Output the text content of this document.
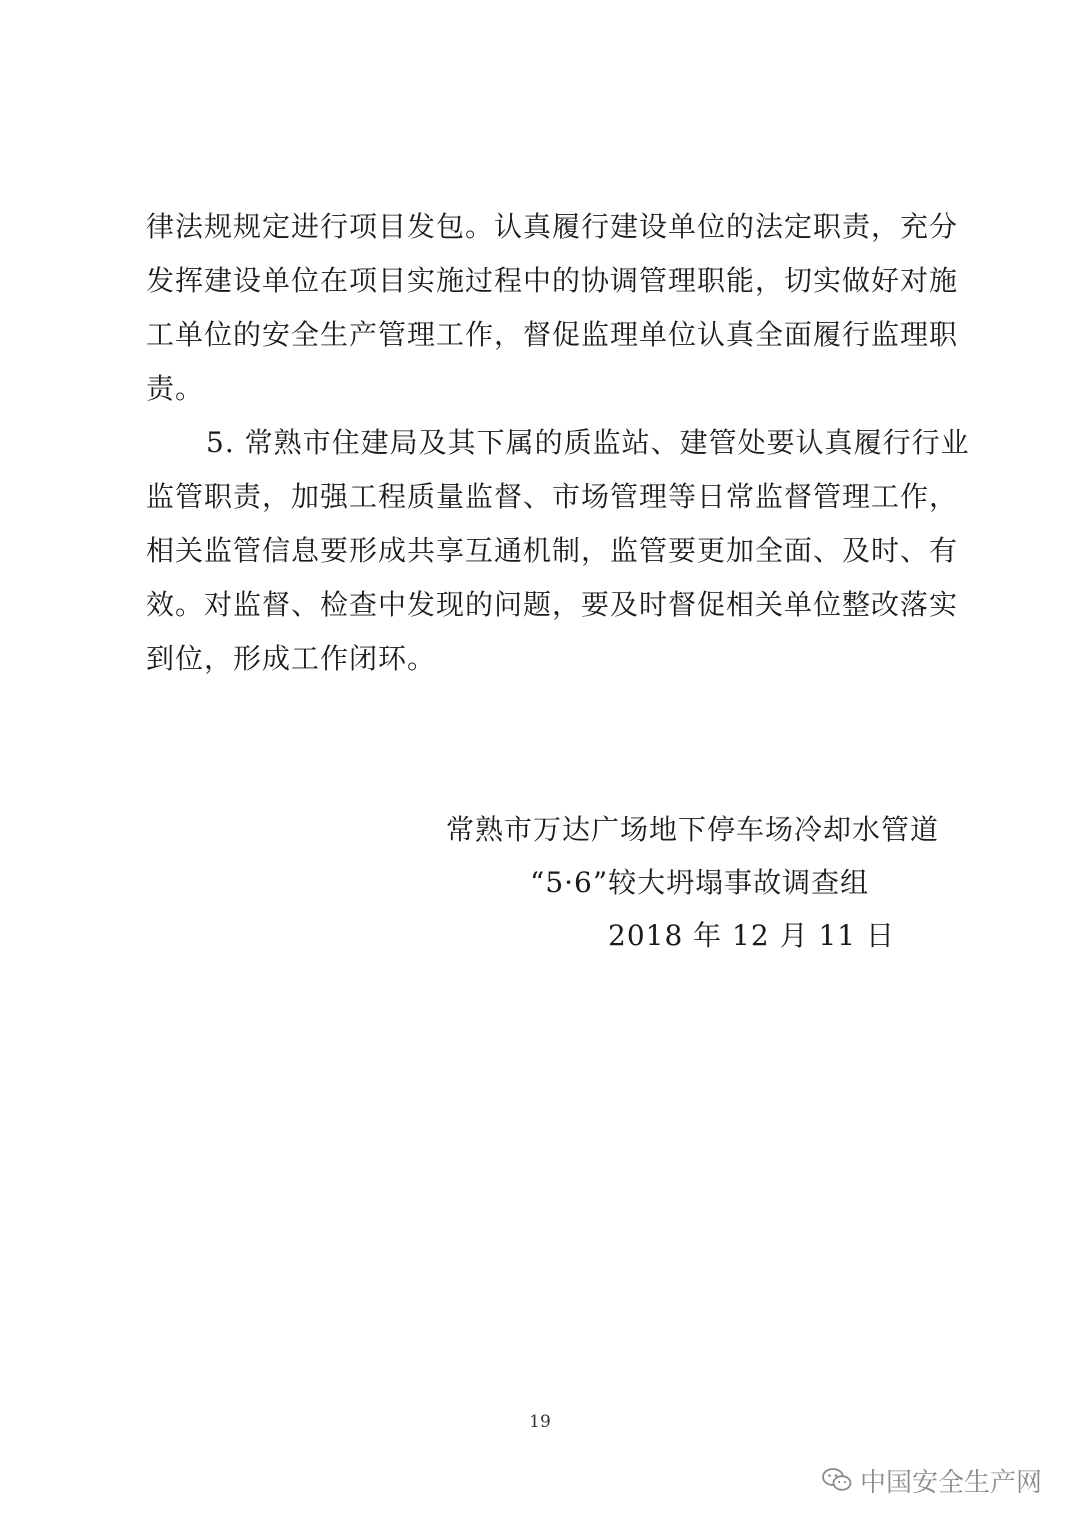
律法规规定进行项目发包。认真履行建设单位的法定职责，充分
发挥建设单位在项目实施过程中的协调管理职能，切实做好对施
工单位的安全生产管理工作，督促监理单位认真全面履行监理职
责。

5. 常熟市住建局及其下属的质监站、建管处要认真履行行业
监管职责，加强工程质量监督、市场管理等日常监督管理工作，
相关监管信息要形成共享互通机制，监管要更加全面、及时、有
效。对监督、检查中发现的问题，要及时督促相关单位整改落实
到位，形成工作闭环。

常熟市万达广场地下停车场冷却水管道
“5·6”较大坍塌事故调查组
2018 年 12 月 11 日
19
中国安全生产网
